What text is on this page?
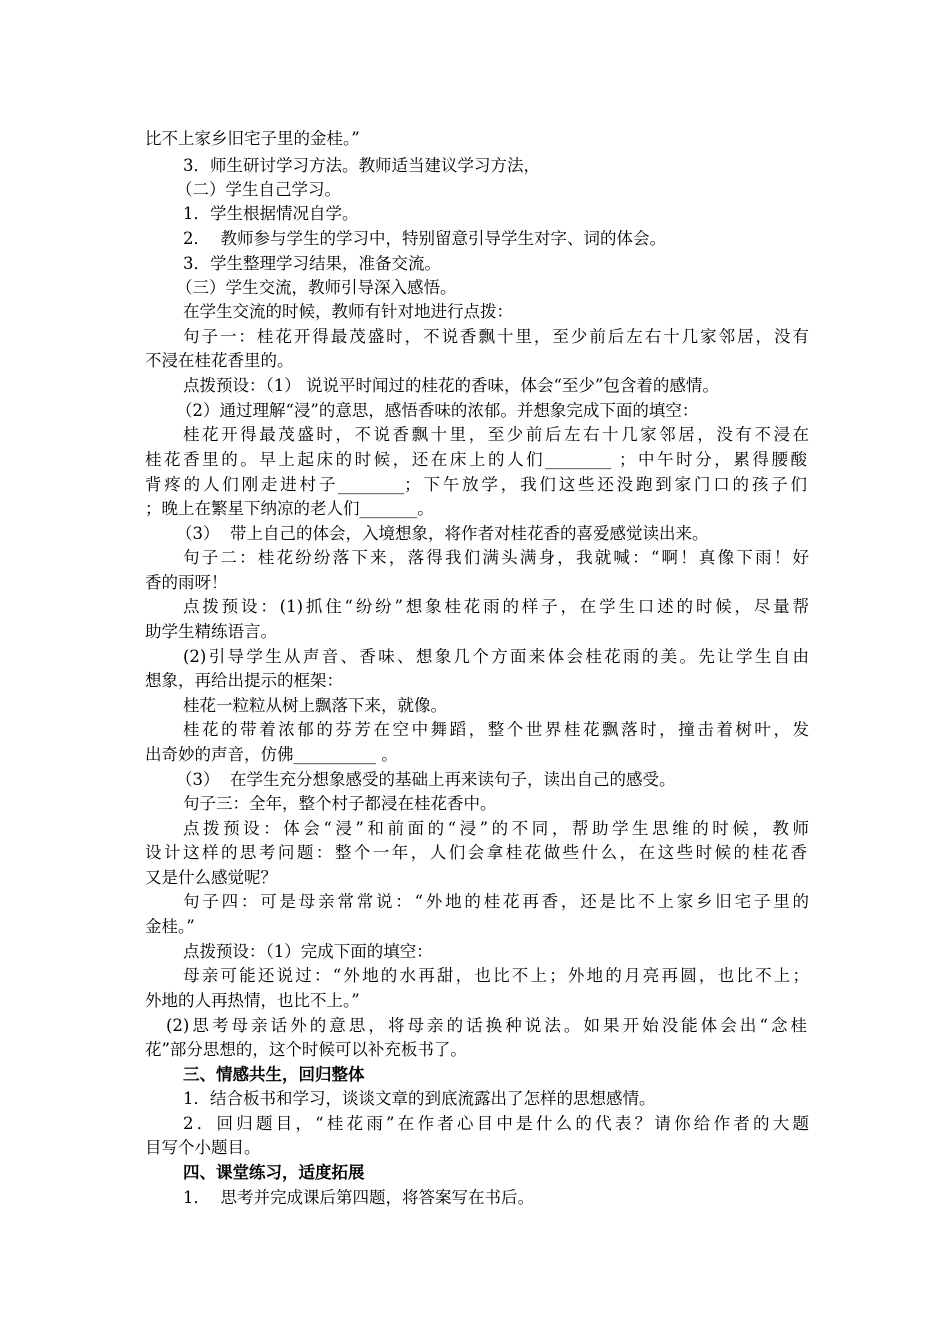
比不上家乡旧宅子里的金桂。”
3．师生研讨学习方法。教师适当建议学习方法，
（二）学生自己学习。
1．学生根据情况自学。
2．  教师参与学生的学习中，特别留意引导学生对字、词的体会。
3．学生整理学习结果，准备交流。
（三）学生交流，教师引导深入感悟。
在学生交流的时候，教师有针对地进行点拨：
句子一：桂花开得最茂盛时，不说香飘十里，至少前后左右十几家邻居，没有
不浸在桂花香里的。
点拨预设：（1） 说说平时闻过的桂花的香味，体会“至少”包含着的感情。
（2）通过理解“浸”的意思，感悟香味的浓郁。并想象完成下面的填空：
桂花开得最茂盛时，不说香飘十里，至少前后左右十几家邻居，没有不浸在
桂花香里的。早上起床的时候，还在床上的人们________ ；中午时分，累得腰酸
背疼的人们刚走进村子________；下午放学，我们这些还没跑到家门口的孩子们
；晚上在繁星下纳凉的老人们_______。
（3）  带上自己的体会，入境想象，将作者对桂花香的喜爱感觉读出来。
句子二：桂花纷纷落下来，落得我们满头满身，我就喊：“啊！真像下雨！好
香的雨呀！
点拨预设：(1)抓住“纷纷”想象桂花雨的样子，在学生口述的时候，尽量帮
助学生精练语言。
(2)引导学生从声音、香味、想象几个方面来体会桂花雨的美。先让学生自由
想象，再给出提示的框架：
桂花一粒粒从树上飘落下来，就像。
桂花的带着浓郁的芬芳在空中舞蹈，整个世界桂花飘落时，撞击着树叶，发
出奇妙的声音，仿佛__________ 。
（3）  在学生充分想象感受的基础上再来读句子，读出自己的感受。
句子三：全年，整个村子都浸在桂花香中。
点拨预设：体会“浸”和前面的“浸”的不同，帮助学生思维的时候，教师
设计这样的思考问题：整个一年，人们会拿桂花做些什么，在这些时候的桂花香
又是什么感觉呢？
句子四：可是母亲常常说：“外地的桂花再香，还是比不上家乡旧宅子里的
金桂。”
点拨预设：（1）完成下面的填空：
母亲可能还说过：“外地的水再甜，也比不上；外地的月亮再圆，也比不上；
外地的人再热情，也比不上。”
(2)思考母亲话外的意思，将母亲的话换种说法。如果开始没能体会出“念桂
花”部分思想的，这个时候可以补充板书了。
三、情感共生，回归整体
1．结合板书和学习，谈谈文章的到底流露出了怎样的思想感情。
2．回归题目，“桂花雨”在作者心目中是什么的代表？请你给作者的大题
目写个小题目。
四、课堂练习，适度拓展
1．  思考并完成课后第四题，将答案写在书后。
